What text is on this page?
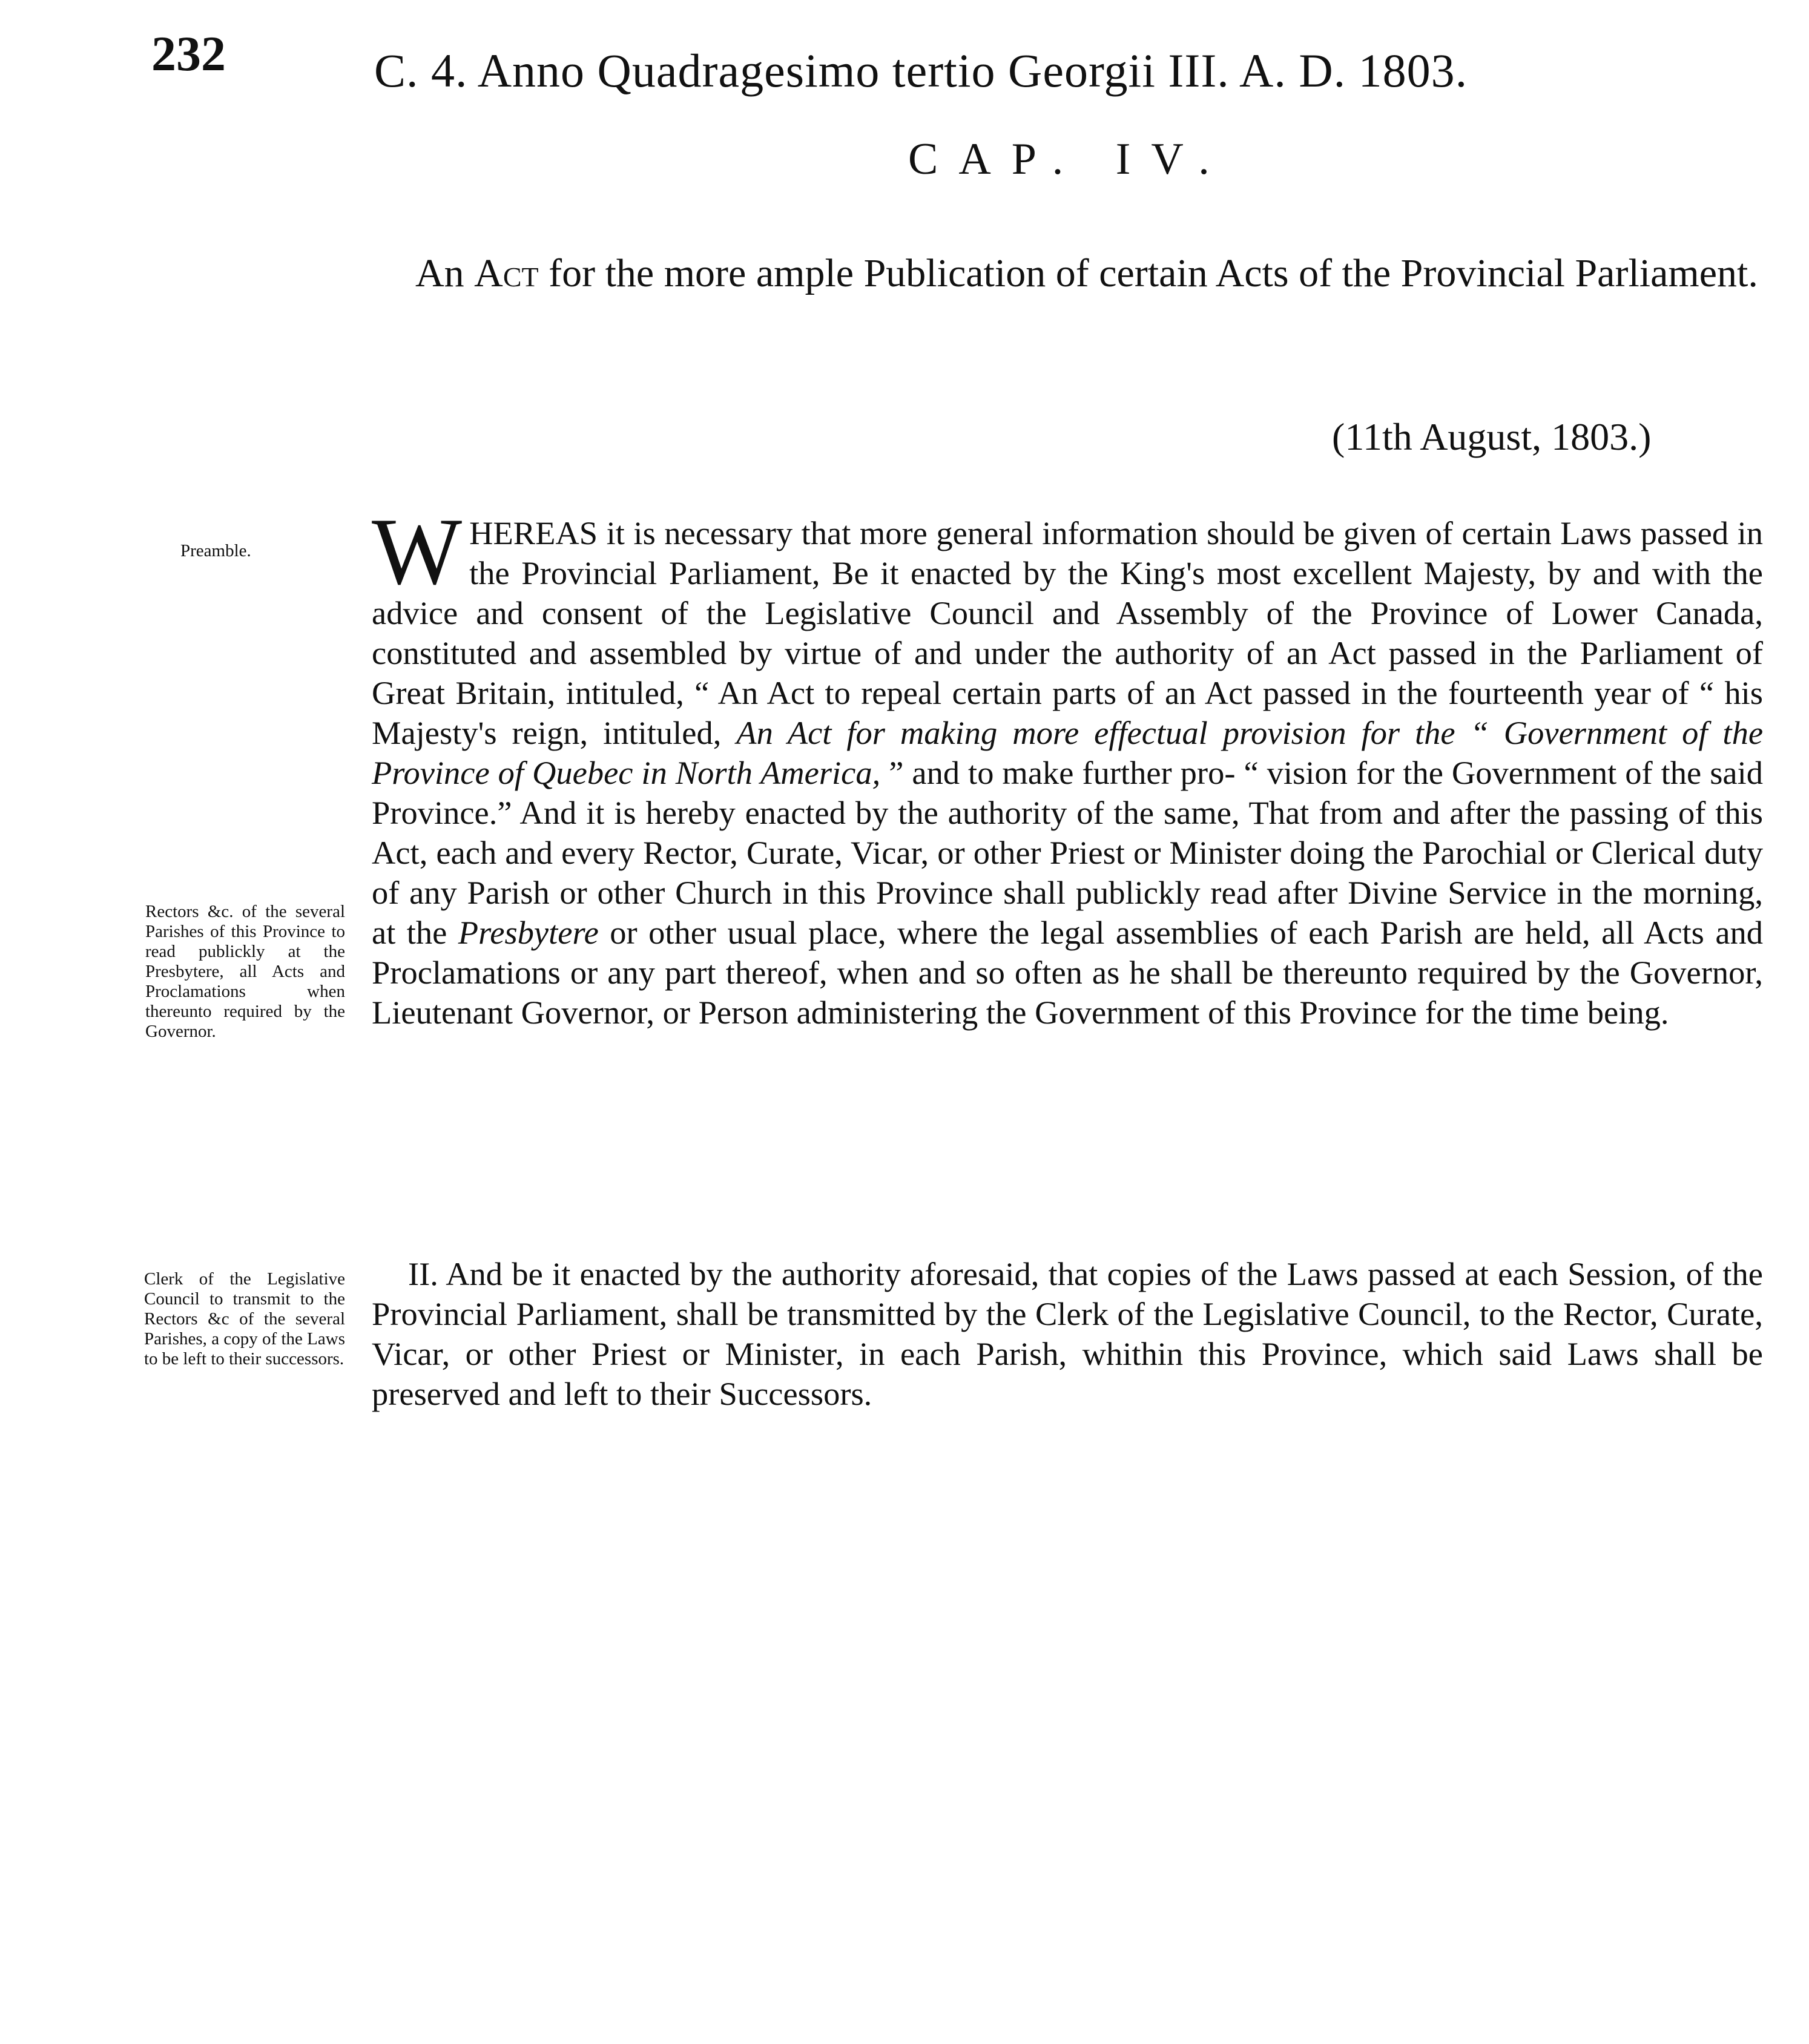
232	C. 4. Anno Quadragesimo tertio Georgii III. A. D. 1803.
CAP. IV.
An Act for the more ample Publication of certain Acts of the Provincial Parliament.
(11th August, 1803.)
Preamble.
Rectors &c. of the several Parishes of this Province to read publickly at the Presbytere, all Acts and Proclamations when thereunto required by the Governor.
Clerk of the Legislative Council to transmit to the Rectors &c of the several Parishes, a copy of the Laws to be left to their successors.
W HEREAS it is necessary that more general information should be given of certain Laws passed in the Provincial Parliament, Be it enacted by the King's most excellent Majesty, by and with the advice and consent of the Legislative Council and Assembly of the Province of Lower Canada, constituted and assembled by virtue of and under the authority of an Act passed in the Parliament of Great Britain, intituled, “ An Act to repeal certain parts of an Act passed in the fourteenth year of “ his Majesty's reign, intituled, An Act for making more effectual provision for the “ Government of the Province of Quebec in North America, ” and to make further pro- “ vision for the Government of the said Province.” And it is hereby enacted by the authority of the same, That from and after the passing of this Act, each and every Rector, Curate, Vicar, or other Priest or Minister doing the Parochial or Clerical duty of any Parish or other Church in this Province shall publickly read after Divine Service in the morning, at the Presbytere or other usual place, where the legal assemblies of each Parish are held, all Acts and Proclamations or any part thereof, when and so often as he shall be thereunto required by the Governor, Lieutenant Governor, or Person administering the Government of this Province for the time being.
II. And be it enacted by the authority aforesaid, that copies of the Laws passed at each Session, of the Provincial Parliament, shall be transmitted by the Clerk of the Legislative Council, to the Rector, Curate, Vicar, or other Priest or Minister, in each Parish, whithin this Province, which said Laws shall be preserved and left to their Successors.
